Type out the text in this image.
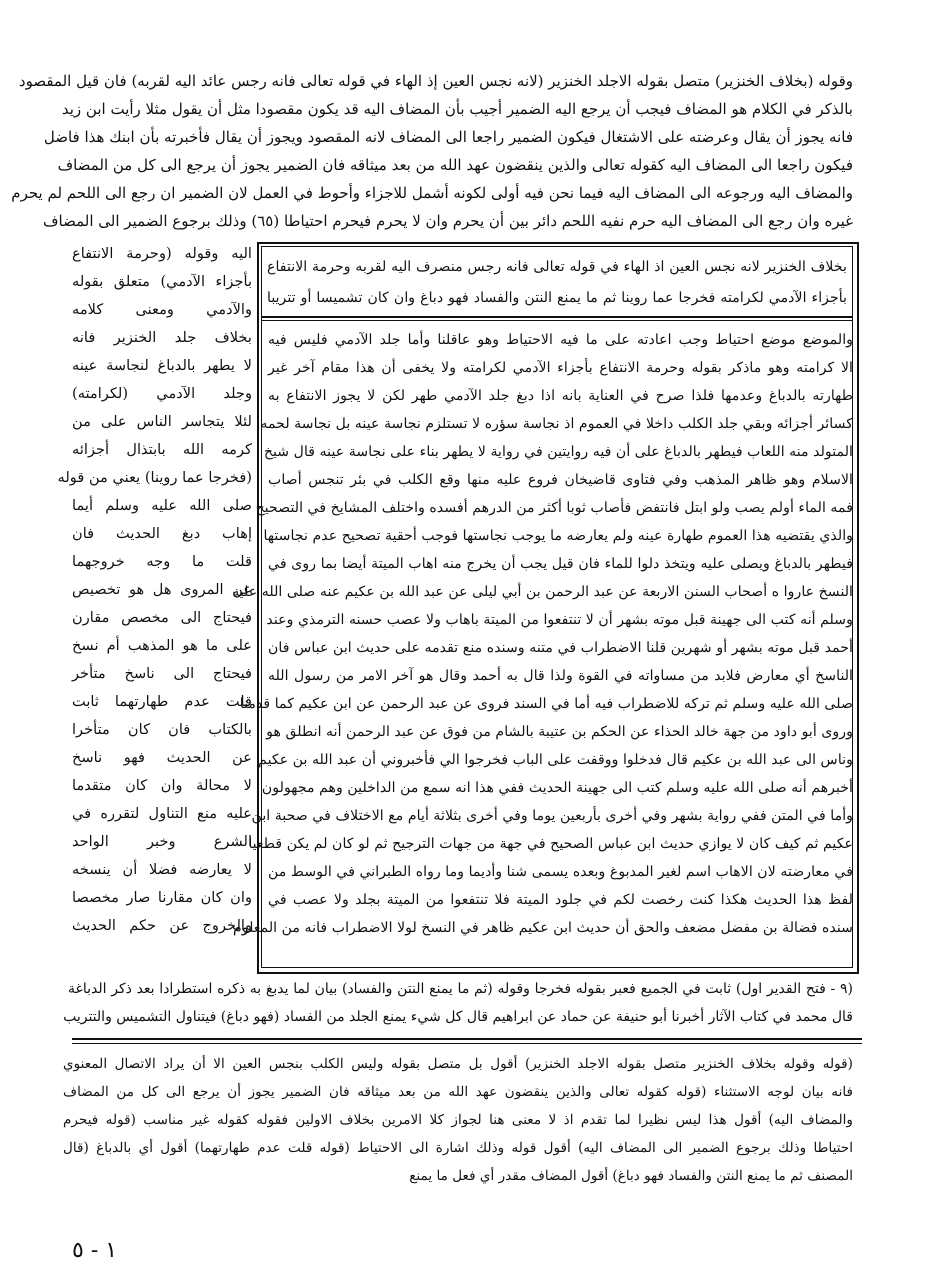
وقوله (بخلاف الخنزير) متصل بقوله الاجلد الخنزير (لانه نجس العين إذ الهاء في قوله تعالى فانه رجس عائد اليه لقربه) فان قيل المقصود
بالذكر في الكلام هو المضاف فيجب أن يرجع اليه الضمير أجيب بأن المضاف اليه قد يكون مقصودا مثل أن يقول مثلا رأيت ابن زيد
فانه يجوز أن يقال وعرضته على الاشتغال فيكون الضمير راجعا الى المضاف لانه المقصود ويجوز أن يقال فأخبرته بأن ابنك هذا فاضل
فيكون راجعا الى المضاف اليه كقوله تعالى والذين ينقضون عهد الله من بعد ميثاقه فان الضمير يجوز أن يرجع الى كل من المضاف
والمضاف اليه ورجوعه الى المضاف اليه فيما نحن فيه أولى لكونه أشمل للاجزاء وأحوط في العمل لان الضمير ان رجع الى اللحم لم يحرم
غيره وان رجع الى المضاف اليه حرم نفيه اللحم دائر بين أن يحرم وان لا يحرم فيحرم احتياطا (٦٥) وذلك برجوع الضمير الى المضاف
بخلاف الخنزير لانه نجس العين اذ الهاء في قوله تعالى فانه رجس منصرف اليه لقربه وحرمة الانتفاع
بأجزاء الآدمي لكرامته فخرجا عما روينا ثم ما يمنع النتن والفساد فهو دباغ وان كان تشميسا أو تتريبا
والموضع موضع احتياط وجب اعادته على ما فيه الاحتياط وهو عاقلنا وأما جلد الآدمي فليس فيه
الا كرامته وهو ماذكر بقوله وحرمة الانتفاع بأجزاء الآدمي لكرامته ولا يخفى أن هذا مقام آخر غير
طهارته بالدباغ وعدمها فلذا صرح في العناية بانه اذا دبغ جلد الآدمي طهر لكن لا يجوز الانتفاع به
كسائر أجزائه وبقي جلد الكلب داخلا في العموم اذ نجاسة سؤره لا تستلزم نجاسة عينه بل نجاسة لحمه
المتولد منه اللعاب فيطهر بالدباغ على أن فيه روايتين في رواية لا يطهر بناء على نجاسة عينه قال شيخ
الاسلام وهو ظاهر المذهب وفي فتاوى قاضيخان فروع عليه منها وقع الكلب في بئر تنجس أصاب
فمه الماء أولم يصب ولو ابتل فانتفض فأصاب ثوبا أكثر من الدرهم أفسده واختلف المشايخ في التصحيح
والذي يقتضيه هذا العموم طهارة عينه ولم يعارضه ما يوجب نجاستها فوجب أحقية تصحيح عدم نجاستها
فيطهر بالدباغ ويصلى عليه ويتخذ دلوا للماء فان قيل يجب أن يخرج منه اهاب الميتة أيضا بما روى في
النسخ عاروا ه أصحاب السنن الاربعة عن عبد الرحمن بن أبي ليلى عن عبد الله بن عكيم عنه صلى الله عليه
وسلم أنه كتب الى جهينة قبل موته بشهر أن لا تنتفعوا من الميتة باهاب ولا عصب حسنه الترمذي وعند
أحمد قبل موته بشهر أو شهرين قلنا الاضطراب في متنه وسنده منع تقدمه على حديث ابن عباس فان
الناسخ أي معارض فلابد من مساواته في القوة ولذا قال به أحمد وقال هو آخر الامر من رسول الله
صلى الله عليه وسلم ثم تركه للاضطراب فيه أما في السند فروى عن عبد الرحمن عن ابن عكيم كما قدمنا
وروى أبو داود من جهة خالد الحذاء عن الحكم بن عتيبة بالشام من فوق عن عبد الرحمن أنه انطلق هو
وناس الى عبد الله بن عكيم قال فدخلوا ووقفت على الباب فخرجوا الي فأخبروني أن عبد الله بن عكيم
أخبرهم أنه صلى الله عليه وسلم كتب الى جهينة الحديث ففي هذا انه سمع من الداخلين وهم مجهولون
وأما في المتن ففي رواية بشهر وفي أخرى بأربعين يوما وفي أخرى بثلاثة أيام مع الاختلاف في صحبة ابن
عكيم ثم كيف كان لا يوازي حديث ابن عباس الصحيح في جهة من جهات الترجيح ثم لو كان لم يكن قطعيا
في معارضته لان الاهاب اسم لغير المدبوغ وبعده يسمى شنا وأديما وما رواه الطبراني في الوسط من
لفظ هذا الحديث هكذا كنت رخصت لكم في جلود الميتة فلا تنتفعوا من الميتة بجلد ولا عصب في
سنده فضالة بن مفضل مضعف والحق أن حديث ابن عكيم ظاهر في النسخ لولا الاضطراب فانه من المعلوم
اليه وقوله (وحرمة الانتفاع
بأجزاء الآدمي) متعلق بقوله
والآدمي ومعنى كلامه
بخلاف جلد الخنزير فانه
لا يطهر بالدباغ لنجاسة عينه
وجلد الآدمي (لكرامته)
لئلا يتجاسر الناس على من
كرمه الله بابتذال أجزائه
(فخرجا عما روينا) يعني من قوله
صلى الله عليه وسلم أيما
إهاب دبغ الحديث فان
قلت ما وجه خروجهما
عن المروى هل هو تخصيص
فيحتاج الى مخصص مقارن
على ما هو المذهب أم نسخ
فيحتاج الى ناسخ متأخر
قلت عدم طهارتهما ثابت
بالكتاب فان كان متأخرا
عن الحديث فهو ناسخ
لا محالة وان كان متقدما
عليه منع التناول لتقرره في
الشرع وخبر الواحد
لا يعارضه فضلا أن ينسخه
وان كان مقارنا صار مخصصا
والخروج عن حكم الحديث
(٩ - فتح القدير اول) ثابت في الجميع فعبر بقوله فخرجا وقوله (ثم ما يمنع النتن والفساد) بيان لما يدبغ به ذكره استطرادا بعد ذكر الدباغة
قال محمد في كتاب الآثار أخبرنا أبو حنيفة عن حماد عن ابراهيم قال كل شيء يمنع الجلد من الفساد (فهو دباغ) فيتناول التشميس والتتريب
(قوله وقوله بخلاف الخنزير متصل بقوله الاجلد الخنزير) أقول بل متصل بقوله وليس الكلب بنجس العين الا أن يراد الاتصال المعنوي
فانه بيان لوجه الاستثناء (قوله كقوله تعالى والذين ينقضون عهد الله من بعد ميثاقه فان الضمير يجوز أن يرجع الى كل من المضاف
والمضاف اليه) أقول هذا ليس نظيرا لما تقدم اذ لا معنى هنا لجواز كلا الامرين بخلاف الاولين فقوله كقوله غير مناسب (قوله فيحرم
احتياطا وذلك برجوع الضمير الى المضاف اليه) أقول قوله وذلك اشارة الى الاحتياط (قوله قلت عدم طهارتهما) أقول أي بالدباغ (قال
المصنف ثم ما يمنع النتن والفساد فهو دباغ) أقول المضاف مقدر أي فعل ما يمنع
١ - ٥
